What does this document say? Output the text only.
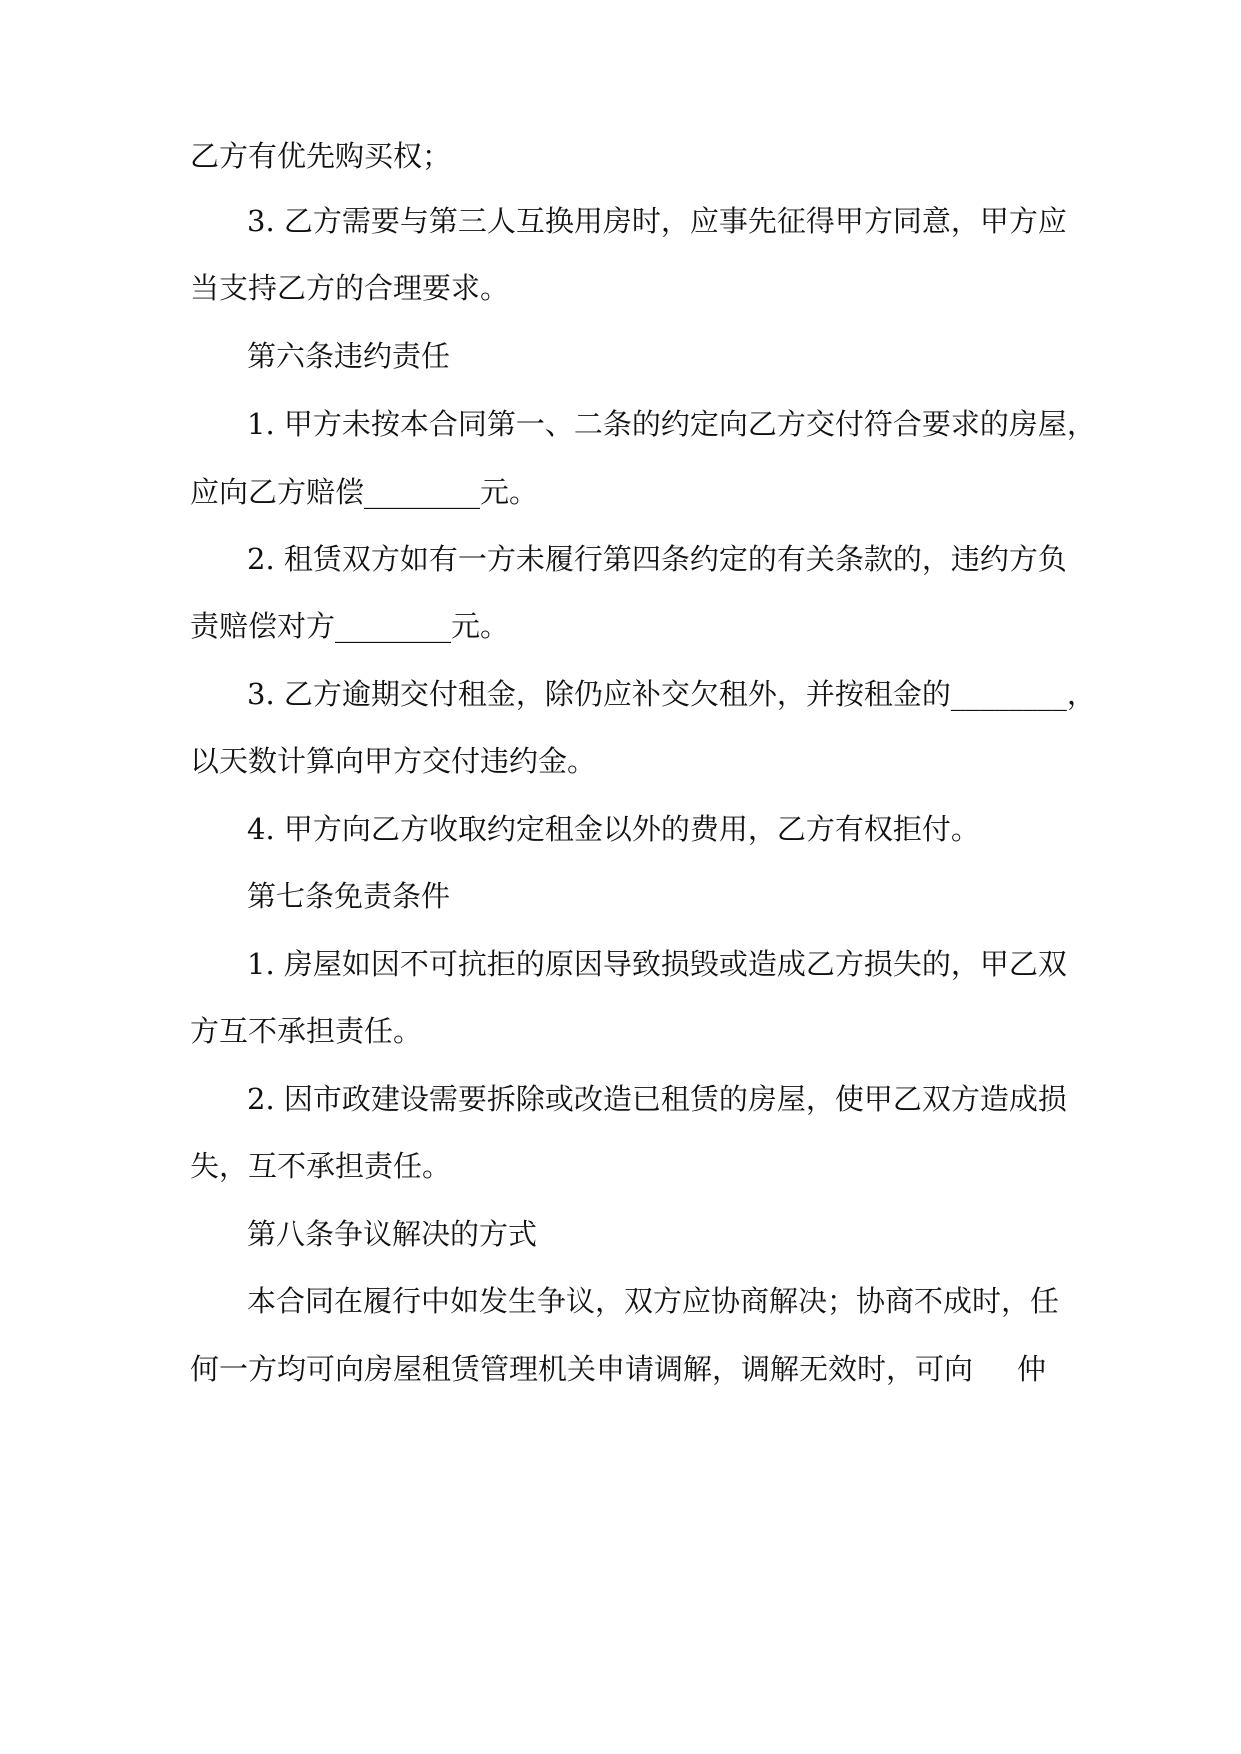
乙方有优先购买权；
3. 乙方需要与第三人互换用房时，应事先征得甲方同意，甲方应
当支持乙方的合理要求。
第六条违约责任
1. 甲方未按本合同第一、二条的约定向乙方交付符合要求的房屋，
应向乙方赔偿________元。
2. 租赁双方如有一方未履行第四条约定的有关条款的，违约方负
责赔偿对方________元。
3. 乙方逾期交付租金，除仍应补交欠租外，并按租金的________，
以天数计算向甲方交付违约金。
4. 甲方向乙方收取约定租金以外的费用，乙方有权拒付。
第七条免责条件
1. 房屋如因不可抗拒的原因导致损毁或造成乙方损失的，甲乙双
方互不承担责任。
2. 因市政建设需要拆除或改造已租赁的房屋，使甲乙双方造成损
失，互不承担责任。
第八条争议解决的方式
本合同在履行中如发生争议，双方应协商解决；协商不成时，任
何一方均可向房屋租赁管理机关申请调解，调解无效时，可向 仲
